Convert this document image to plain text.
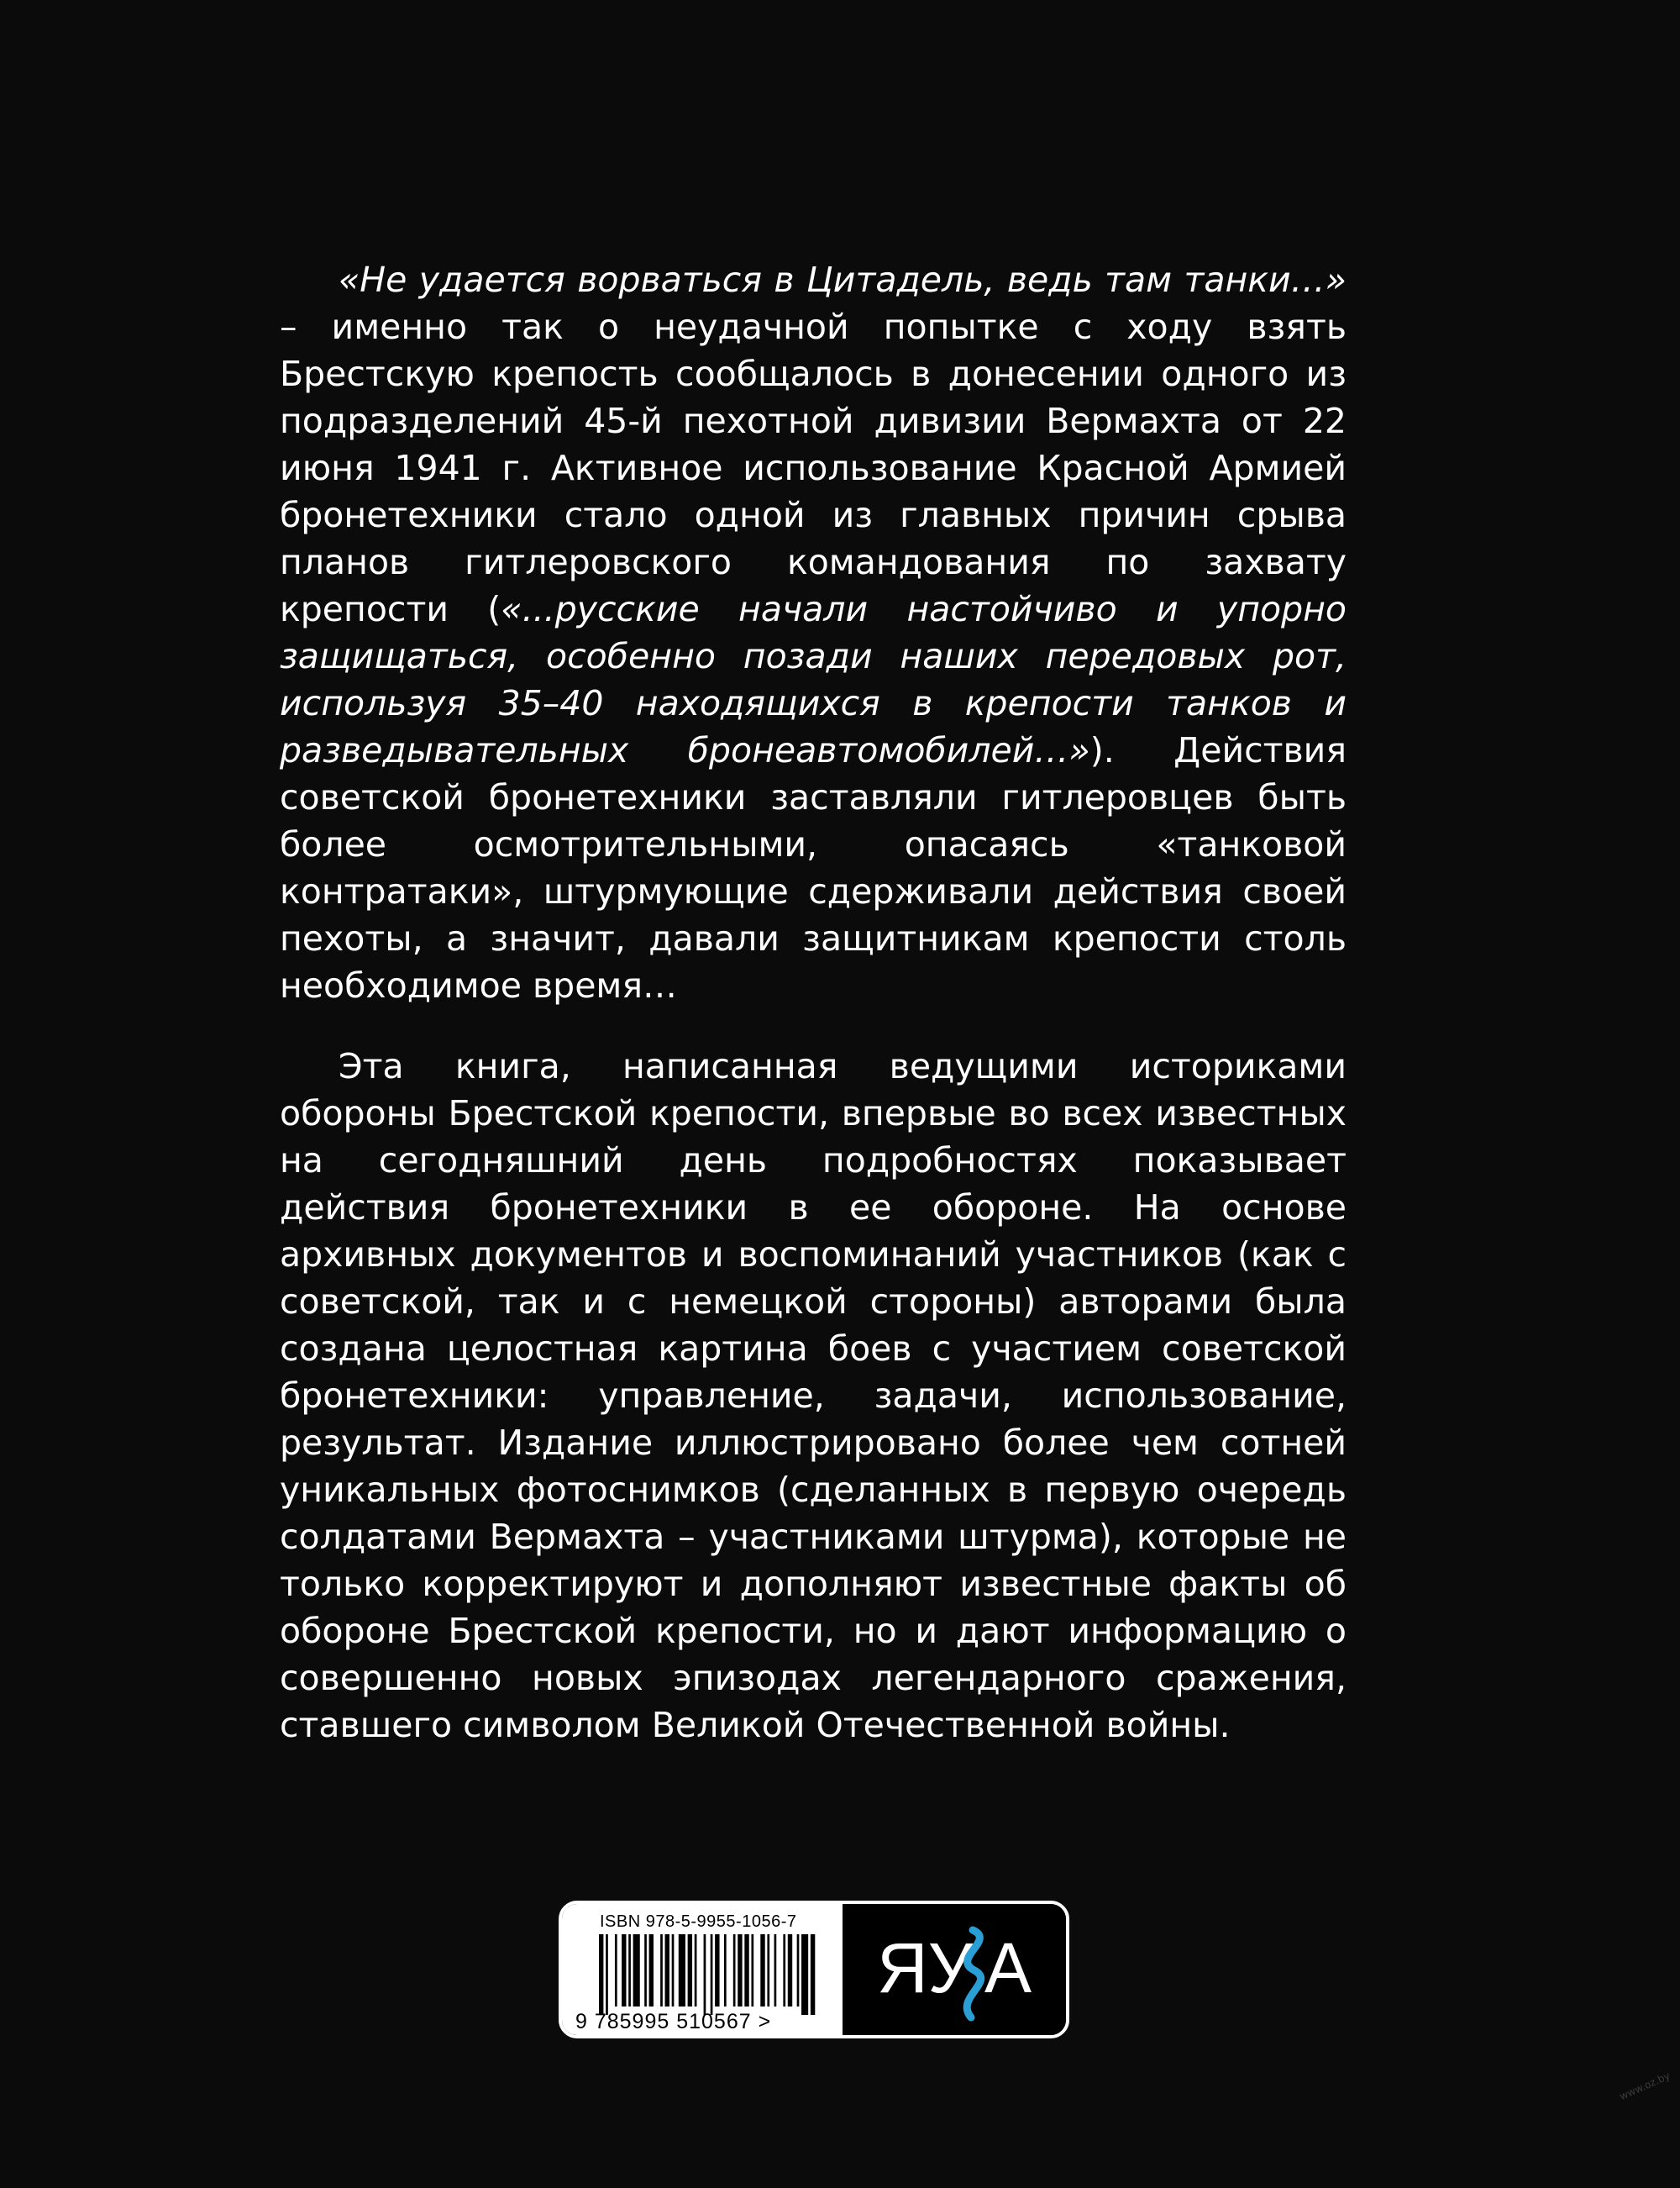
«Не удается ворваться в Цитадель, ведь там танки…» – именно так о неудачной попытке с ходу взять Брестскую крепость сообщалось в донесении одного из подразделений 45-й пехотной дивизии Вермахта от 22 июня 1941 г. Активное использование Красной Армией бронетехники стало одной из главных причин срыва планов гитлеровского командования по захвату крепости («...русские начали настойчиво и упорно защищаться, особенно позади наших передовых рот, используя 35–40 находящихся в крепости танков и разведывательных бронеавтомобилей…»). Действия советской бронетехники заставляли гитлеровцев быть более осмотрительными, опасаясь «танковой контратаки», штурмующие сдерживали действия своей пехоты, а значит, давали защитникам крепости столь необходимое время…

Эта книга, написанная ведущими историками обороны Брестской крепости, впервые во всех известных на сегодняшний день подробностях показывает действия бронетехники в ее обороне. На основе архивных документов и воспоминаний участников (как с советской, так и с немецкой стороны) авторами была создана целостная картина боев с участием советской бронетехники: управление, задачи, использование, результат. Издание иллюстрировано более чем сотней уникальных фотоснимков (сделанных в первую очередь солдатами Вермахта – участниками штурма), которые не только корректируют и дополняют известные факты об обороне Брестской крепости, но и дают информацию о совершенно новых эпизодах легендарного сражения, ставшего символом Великой Отечественной войны.

ISBN 978-5-9955-1056-7
9 785995 510567 >
ЯУ А
www.oz.by
